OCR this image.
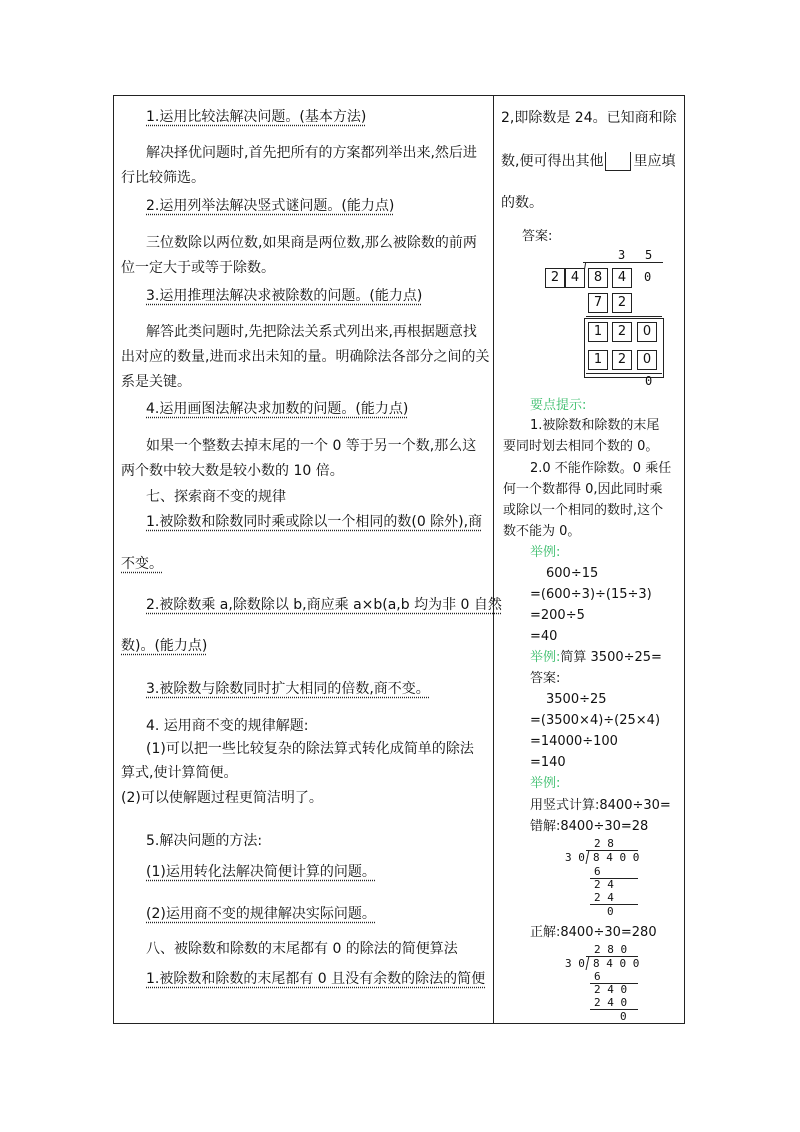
1.运用比较法解决问题。(基本方法)
解决择优问题时,首先把所有的方案都列举出来,然后进
行比较筛选。
2.运用列举法解决竖式谜问题。(能力点)
三位数除以两位数,如果商是两位数,那么被除数的前两
位一定大于或等于除数。
3.运用推理法解决求被除数的问题。(能力点)
解答此类问题时,先把除法关系式列出来,再根据题意找
出对应的数量,进而求出未知的量。明确除法各部分之间的关
系是关键。
4.运用画图法解决求加数的问题。(能力点)
如果一个整数去掉末尾的一个 0 等于另一个数,那么这
两个数中较大数是较小数的 10 倍。
七、探索商不变的规律
1.被除数和除数同时乘或除以一个相同的数(0 除外),商
不变。
2.被除数乘 a,除数除以 b,商应乘 a×b(a,b 均为非 0 自然
数)。(能力点)
3.被除数与除数同时扩大相同的倍数,商不变。
4. 运用商不变的规律解题:
(1)可以把一些比较复杂的除法算式转化成简单的除法
算式,使计算简便。
(2)可以使解题过程更简洁明了。
5.解决问题的方法:
(1)运用转化法解决简便计算的问题。
(2)运用商不变的规律解决实际问题。
八、被除数和除数的末尾都有 0 的除法的简便算法
1.被除数和除数的末尾都有 0 且没有余数的除法的简便
2,即除数是 24。已知商和除
数,便可得出其他 里应填
的数。
答案:
3 5
2 4	8	4	0
7	2
1	2	0
1	2	0
0
要点提示:
1.被除数和除数的末尾
要同时划去相同个数的 0。
2.0 不能作除数。0 乘任
何一个数都得 0,因此同时乘
或除以一个相同的数时,这个
数不能为 0。
举例:
600÷15
=(600÷3)÷(15÷3)
=200÷5
=40
举例:简算 3500÷25=
答案:
3500÷25
=(3500×4)÷(25×4)
=14000÷100
=140
举例:
用竖式计算:8400÷30=
错解:8400÷30=28
2 8
3 0 8 4 0 0
6
2 4
2 4
0
正解:8400÷30=280
2 8 0
3 0 8 4 0 0
6
2 4 0
2 4 0
0
